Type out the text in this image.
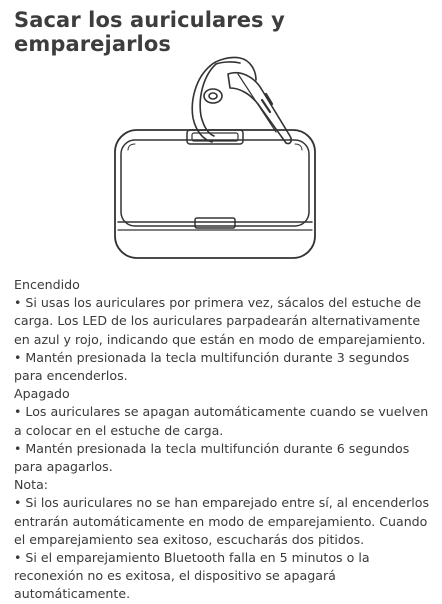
Sacar los auriculares y emparejarlos

Encendido

• Si usas los auriculares por primera vez, sácalos del estuche de carga. Los LED de los auriculares parpadearán alternativamente en azul y rojo, indicando que están en modo de emparejamiento.

• Mantén presionada la tecla multifunción durante 3 segundos para encenderlos.

Apagado

• Los auriculares se apagan automáticamente cuando se vuelven a colocar en el estuche de carga.

• Mantén presionada la tecla multifunción durante 6 segundos para apagarlos.

Nota:

• Si los auriculares no se han emparejado entre sí, al encenderlos entrarán automáticamente en modo de emparejamiento. Cuando el emparejamiento sea exitoso, escucharás dos pitidos.

• Si el emparejamiento Bluetooth falla en 5 minutos o la reconexión no es exitosa, el dispositivo se apagará automáticamente.
